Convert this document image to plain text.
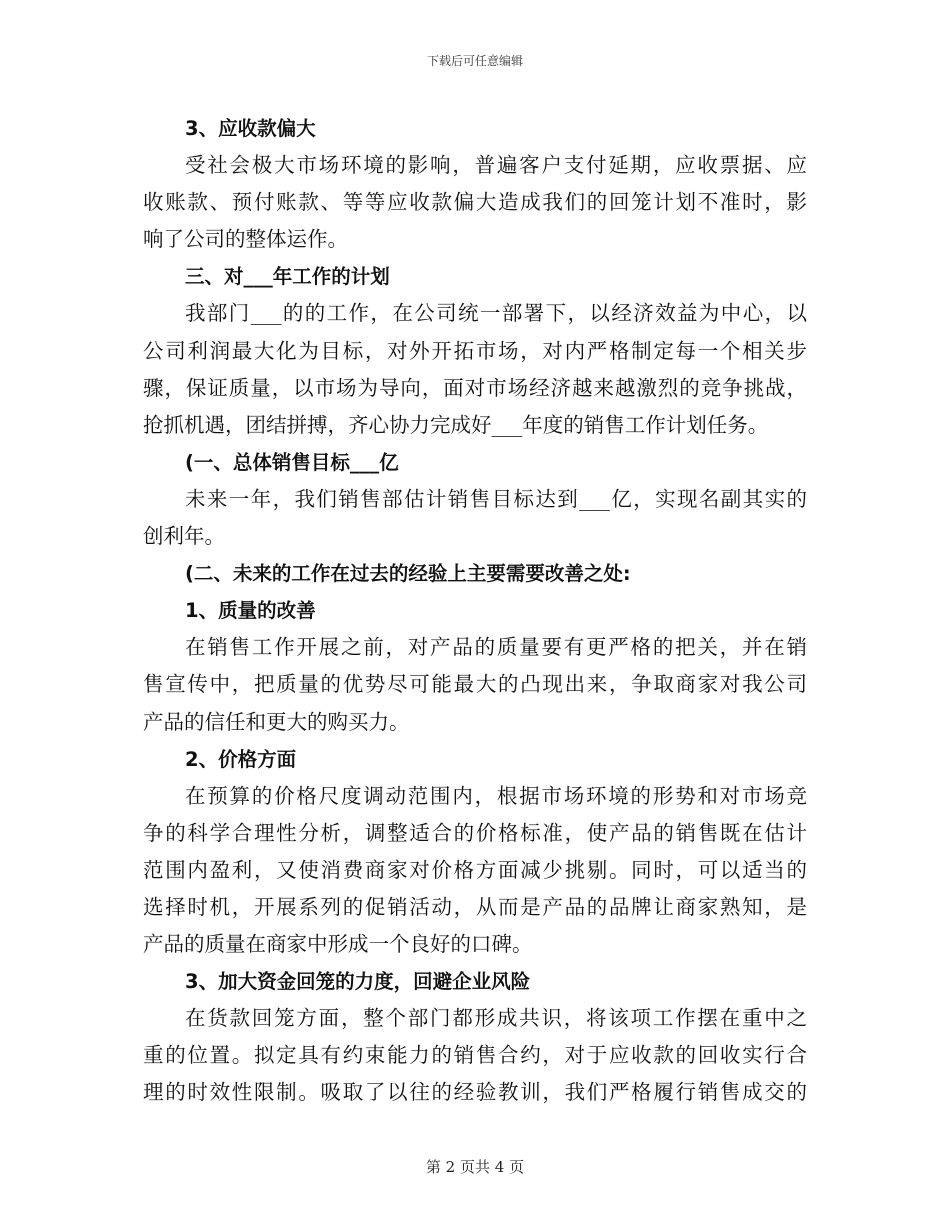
下载后可任意编辑
3、应收款偏大
受社会极大市场环境的影响，普遍客户支付延期，应收票据、应
收账款、预付账款、等等应收款偏大造成我们的回笼计划不准时，影
响了公司的整体运作。
三、对___年工作的计划
我部门___的的工作，在公司统一部署下，以经济效益为中心，以
公司利润最大化为目标，对外开拓市场，对内严格制定每一个相关步
骤，保证质量，以市场为导向，面对市场经济越来越激烈的竞争挑战，
抢抓机遇，团结拼搏，齐心协力完成好___年度的销售工作计划任务。
(一、总体销售目标___亿
未来一年，我们销售部估计销售目标达到___亿，实现名副其实的
创利年。
(二、未来的工作在过去的经验上主要需要改善之处:
1、质量的改善
在销售工作开展之前，对产品的质量要有更严格的把关，并在销
售宣传中，把质量的优势尽可能最大的凸现出来，争取商家对我公司
产品的信任和更大的购买力。
2、价格方面
在预算的价格尺度调动范围内，根据市场环境的形势和对市场竞
争的科学合理性分析，调整适合的价格标准，使产品的销售既在估计
范围内盈利，又使消费商家对价格方面减少挑剔。同时，可以适当的
选择时机，开展系列的促销活动，从而是产品的品牌让商家熟知，是
产品的质量在商家中形成一个良好的口碑。
3、加大资金回笼的力度，回避企业风险
在货款回笼方面，整个部门都形成共识，将该项工作摆在重中之
重的位置。拟定具有约束能力的销售合约，对于应收款的回收实行合
理的时效性限制。吸取了以往的经验教训，我们严格履行销售成交的
第 2 页共 4 页
